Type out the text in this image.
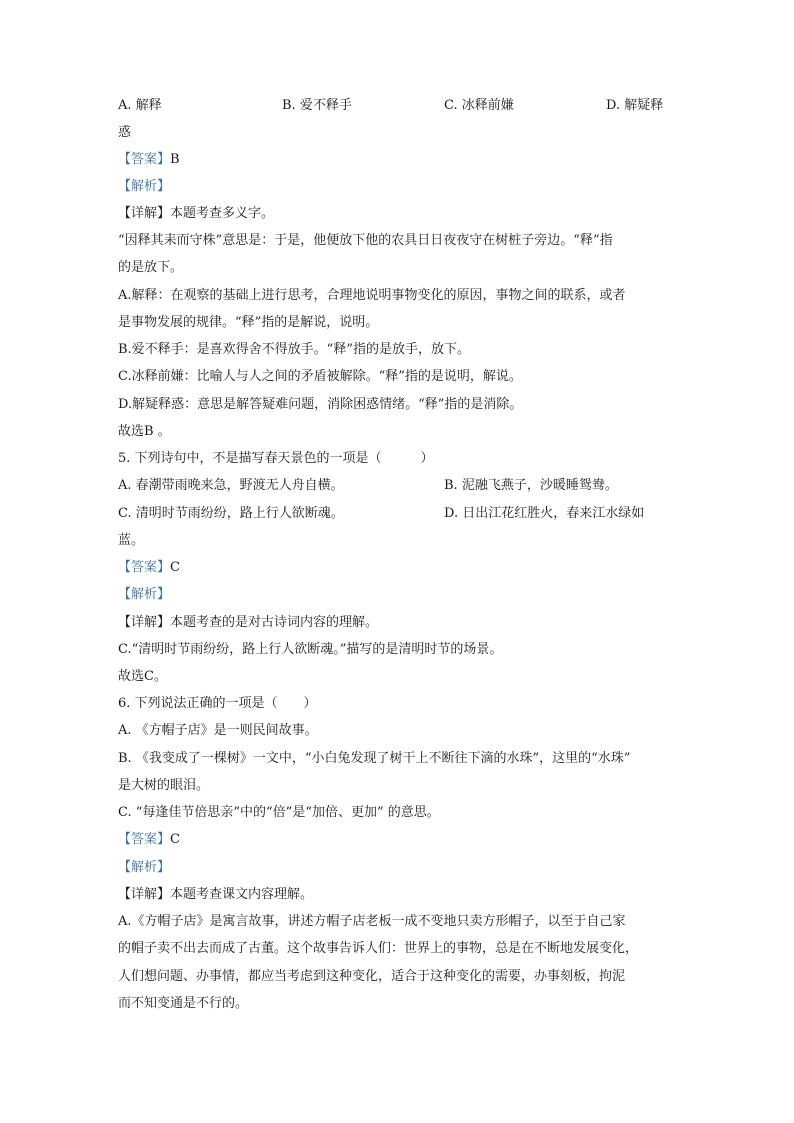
A. 解释	B. 爱不释手	C. 冰释前嫌	D. 解疑释
惑
【答案】B
【解析】
【详解】本题考查多义字。
“因释其耒而守株”意思是：于是，他便放下他的农具日日夜夜守在树桩子旁边。“释”指
的是放下。
A.解释：在观察的基础上进行思考，合理地说明事物变化的原因，事物之间的联系，或者
是事物发展的规律。“释”指的是解说，说明。
B.爱不释手：是喜欢得舍不得放手。“释”指的是放手，放下。
C.冰释前嫌：比喻人与人之间的矛盾被解除。“释”指的是说明，解说。
D.解疑释惑：意思是解答疑难问题，消除困惑情绪。“释”指的是消除。
故选B 。
5. 下列诗句中，不是描写春天景色的一项是（　　　）
A. 春潮带雨晚来急，野渡无人舟自横。	B. 泥融飞燕子，沙暖睡鸳鸯。
C. 清明时节雨纷纷，路上行人欲断魂。	D. 日出江花红胜火，春来江水绿如
蓝。
【答案】C
【解析】
【详解】本题考查的是对古诗词内容的理解。
C.“清明时节雨纷纷，路上行人欲断魂。”描写的是清明时节的场景。
故选C。
6. 下列说法正确的一项是（　　）
A. 《方帽子店》是一则民间故事。
B. 《我变成了一棵树》一文中，“小白兔发现了树干上不断往下滴的水珠”，这里的“水珠”
是大树的眼泪。
C. “每逢佳节倍思亲”中的“倍”是“加倍、更加” 的意思。
【答案】C
【解析】
【详解】本题考查课文内容理解。
A.《方帽子店》是寓言故事，讲述方帽子店老板一成不变地只卖方形帽子，以至于自己家
的帽子卖不出去而成了古董。这个故事告诉人们：世界上的事物，总是在不断地发展变化，
人们想问题、办事情，都应当考虑到这种变化，适合于这种变化的需要，办事刻板，拘泥
而不知变通是不行的。
